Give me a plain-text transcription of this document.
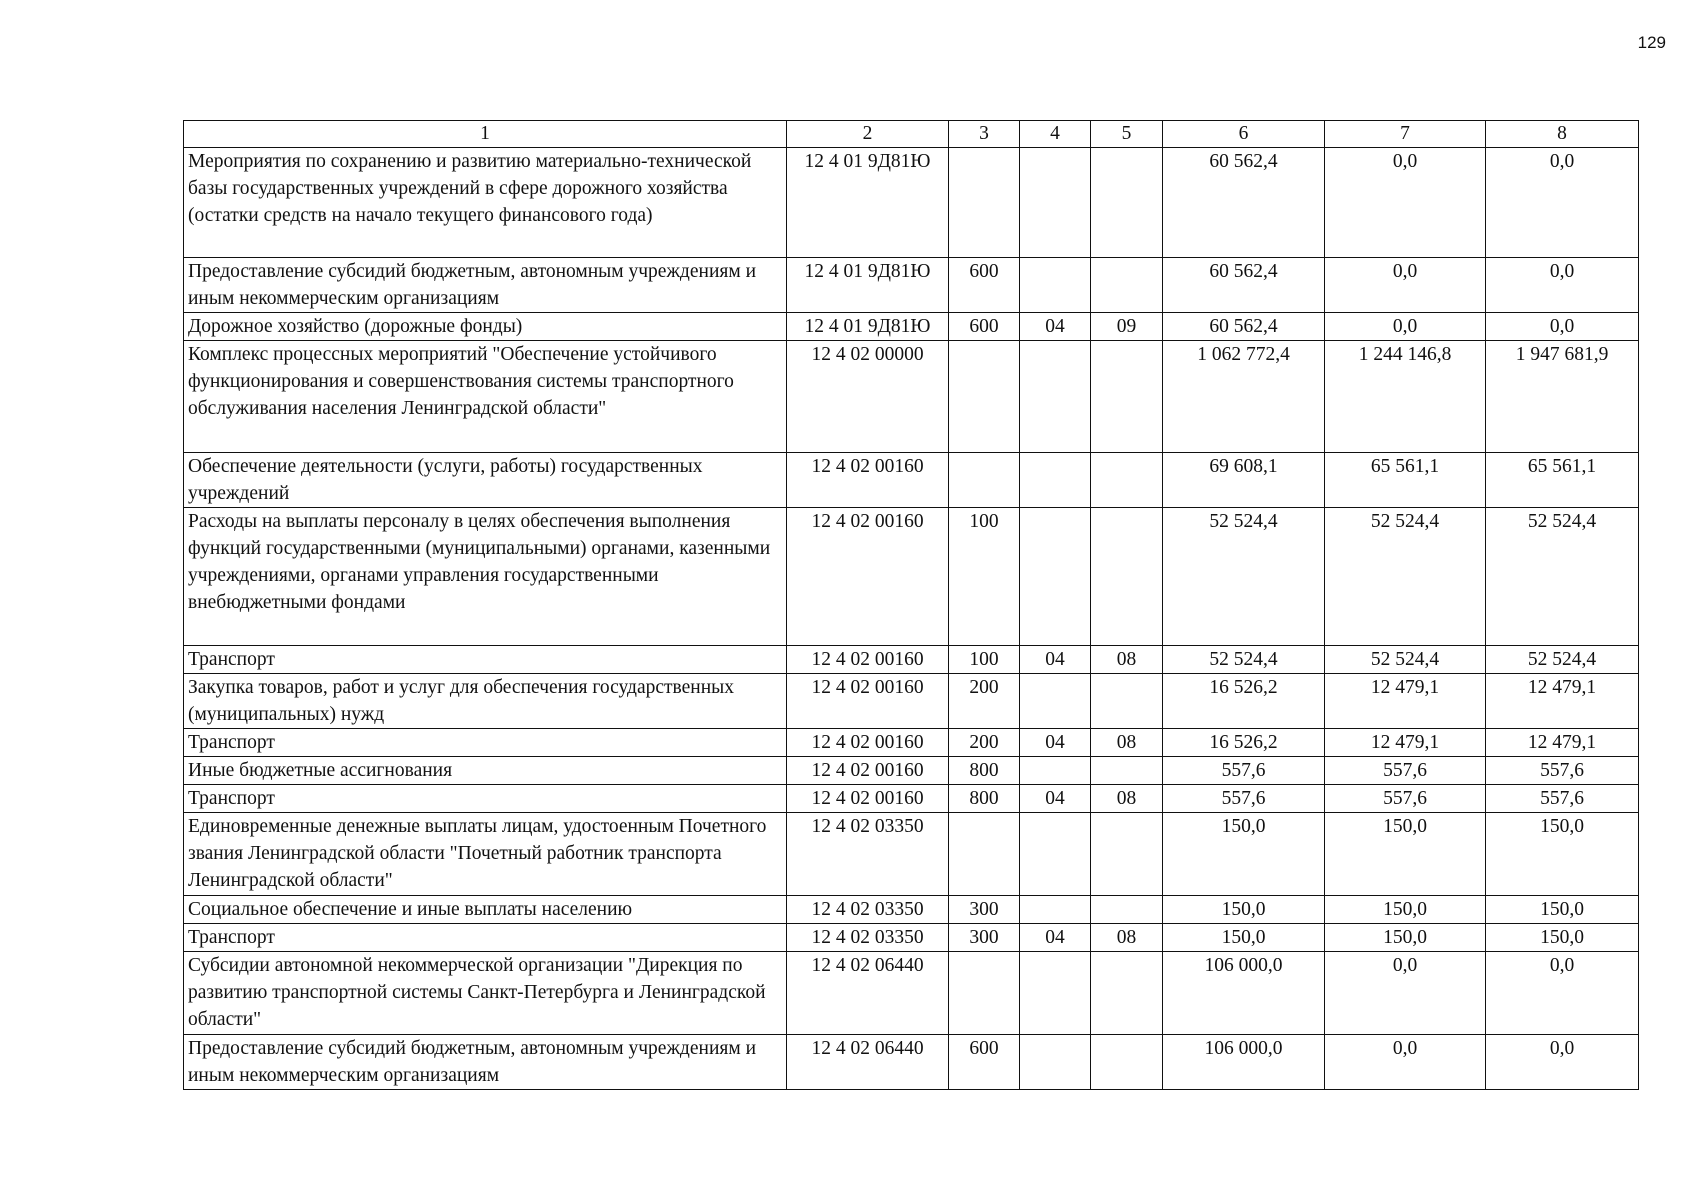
129
1	2	3	4	5	6	7	8
Мероприятия по сохранению и развитию материально-технической базы государственных учреждений в сфере дорожного хозяйства (остатки средств на начало текущего финансового года)	12 4 01 9Д81Ю				60 562,4	0,0	0,0
Предоставление субсидий бюджетным, автономным учреждениям и иным некоммерческим организациям	12 4 01 9Д81Ю	600			60 562,4	0,0	0,0
Дорожное хозяйство (дорожные фонды)	12 4 01 9Д81Ю	600	04	09	60 562,4	0,0	0,0
Комплекс процессных мероприятий "Обеспечение устойчивого функционирования и совершенствования системы транспортного обслуживания населения Ленинградской области"	12 4 02 00000				1 062 772,4	1 244 146,8	1 947 681,9
Обеспечение деятельности (услуги, работы) государственных учреждений	12 4 02 00160				69 608,1	65 561,1	65 561,1
Расходы на выплаты персоналу в целях обеспечения выполнения функций государственными (муниципальными) органами, казенными учреждениями, органами управления государственными внебюджетными фондами	12 4 02 00160	100			52 524,4	52 524,4	52 524,4
Транспорт	12 4 02 00160	100	04	08	52 524,4	52 524,4	52 524,4
Закупка товаров, работ и услуг для обеспечения государственных (муниципальных) нужд	12 4 02 00160	200			16 526,2	12 479,1	12 479,1
Транспорт	12 4 02 00160	200	04	08	16 526,2	12 479,1	12 479,1
Иные бюджетные ассигнования	12 4 02 00160	800			557,6	557,6	557,6
Транспорт	12 4 02 00160	800	04	08	557,6	557,6	557,6
Единовременные денежные выплаты лицам, удостоенным Почетного звания Ленинградской области "Почетный работник транспорта Ленинградской области"	12 4 02 03350				150,0	150,0	150,0
Социальное обеспечение и иные выплаты населению	12 4 02 03350	300			150,0	150,0	150,0
Транспорт	12 4 02 03350	300	04	08	150,0	150,0	150,0
Субсидии автономной некоммерческой организации "Дирекция по развитию транспортной системы Санкт-Петербурга и Ленинградской области"	12 4 02 06440				106 000,0	0,0	0,0
Предоставление субсидий бюджетным, автономным учреждениям и иным некоммерческим организациям	12 4 02 06440	600			106 000,0	0,0	0,0
